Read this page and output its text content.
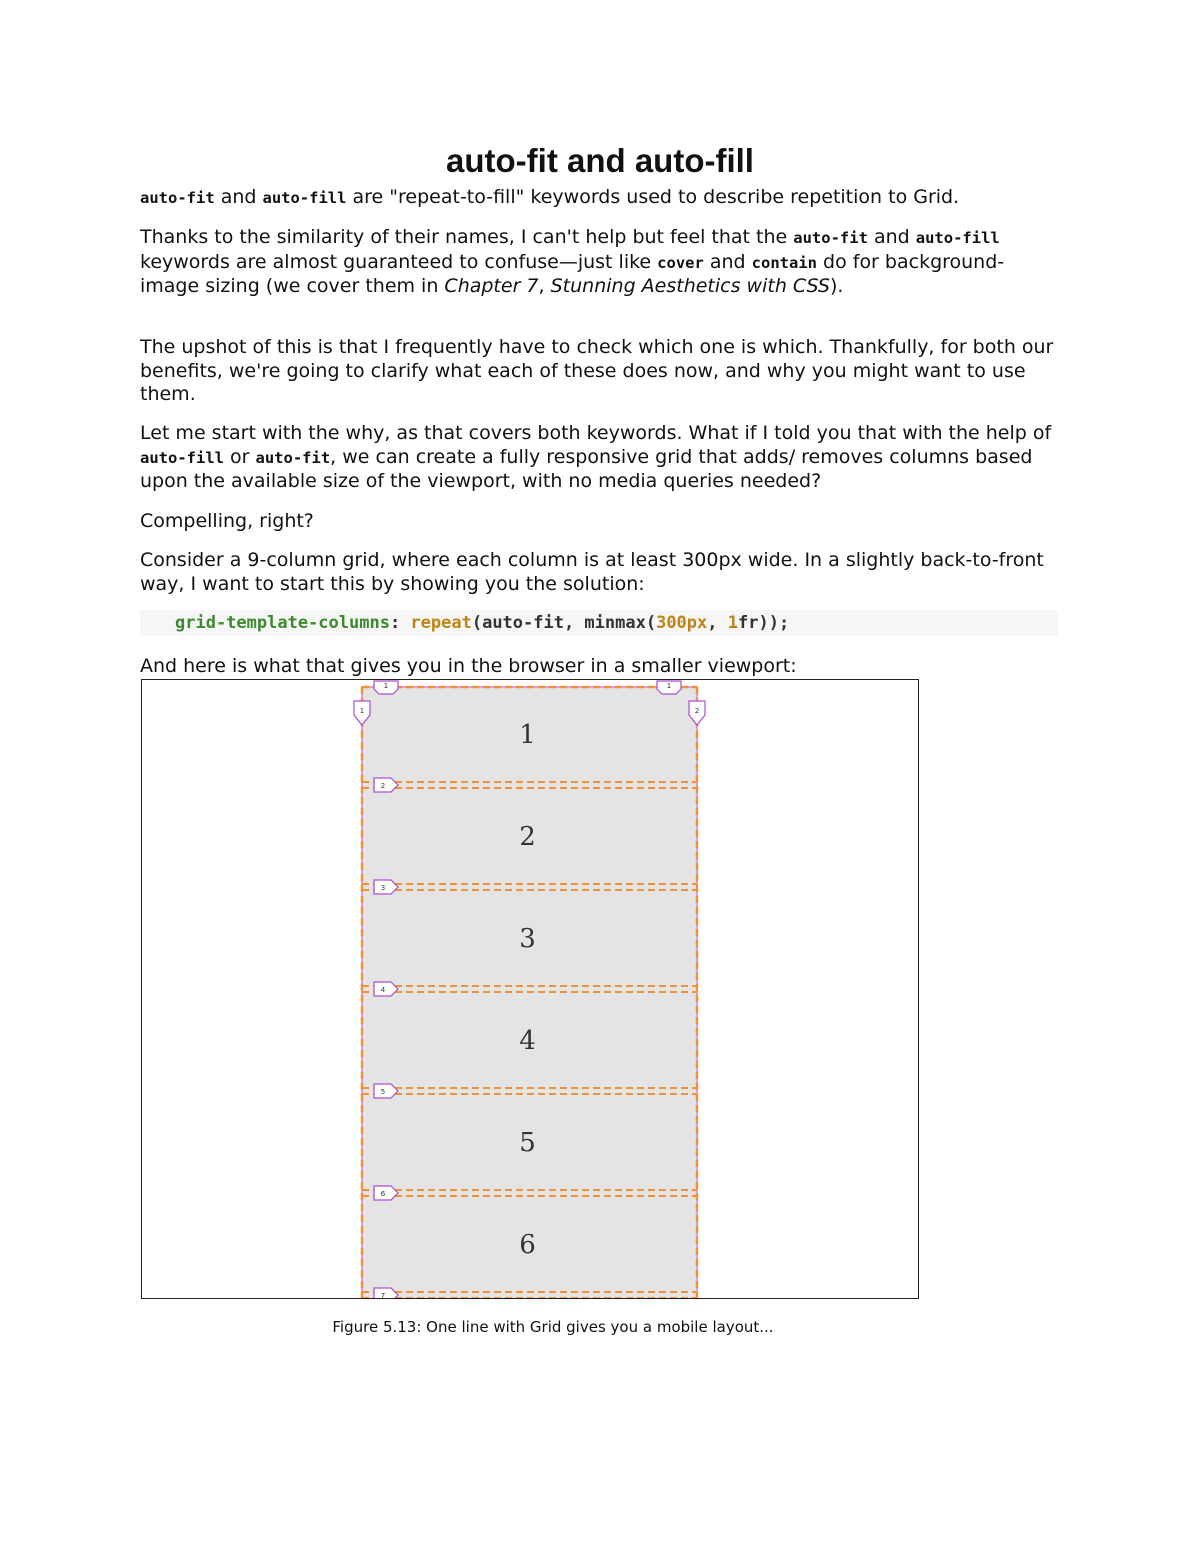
auto-fit and auto-fill

auto-fit and auto-fill are "repeat-to-fill" keywords used to describe repetition to Grid.

Thanks to the similarity of their names, I can't help but feel that the auto-fit and auto-fill keywords are almost guaranteed to confuse—just like cover and contain do for background-image sizing (we cover them in Chapter 7, Stunning Aesthetics with CSS).

The upshot of this is that I frequently have to check which one is which. Thankfully, for both our benefits, we're going to clarify what each of these does now, and why you might want to use them.

Let me start with the why, as that covers both keywords. What if I told you that with the help of auto-fill or auto-fit, we can create a fully responsive grid that adds/ removes columns based upon the available size of the viewport, with no media queries needed?

Compelling, right?

Consider a 9-column grid, where each column is at least 300px wide. In a slightly back-to-front way, I want to start this by showing you the solution:

grid-template-columns: repeat(auto-fit, minmax(300px, 1fr));

And here is what that gives you in the browser in a smaller viewport:

1
2
3
4
5
6
2
3
4
5
6
7
1	1
1	2
Figure 5.13: One line with Grid gives you a mobile layout...
